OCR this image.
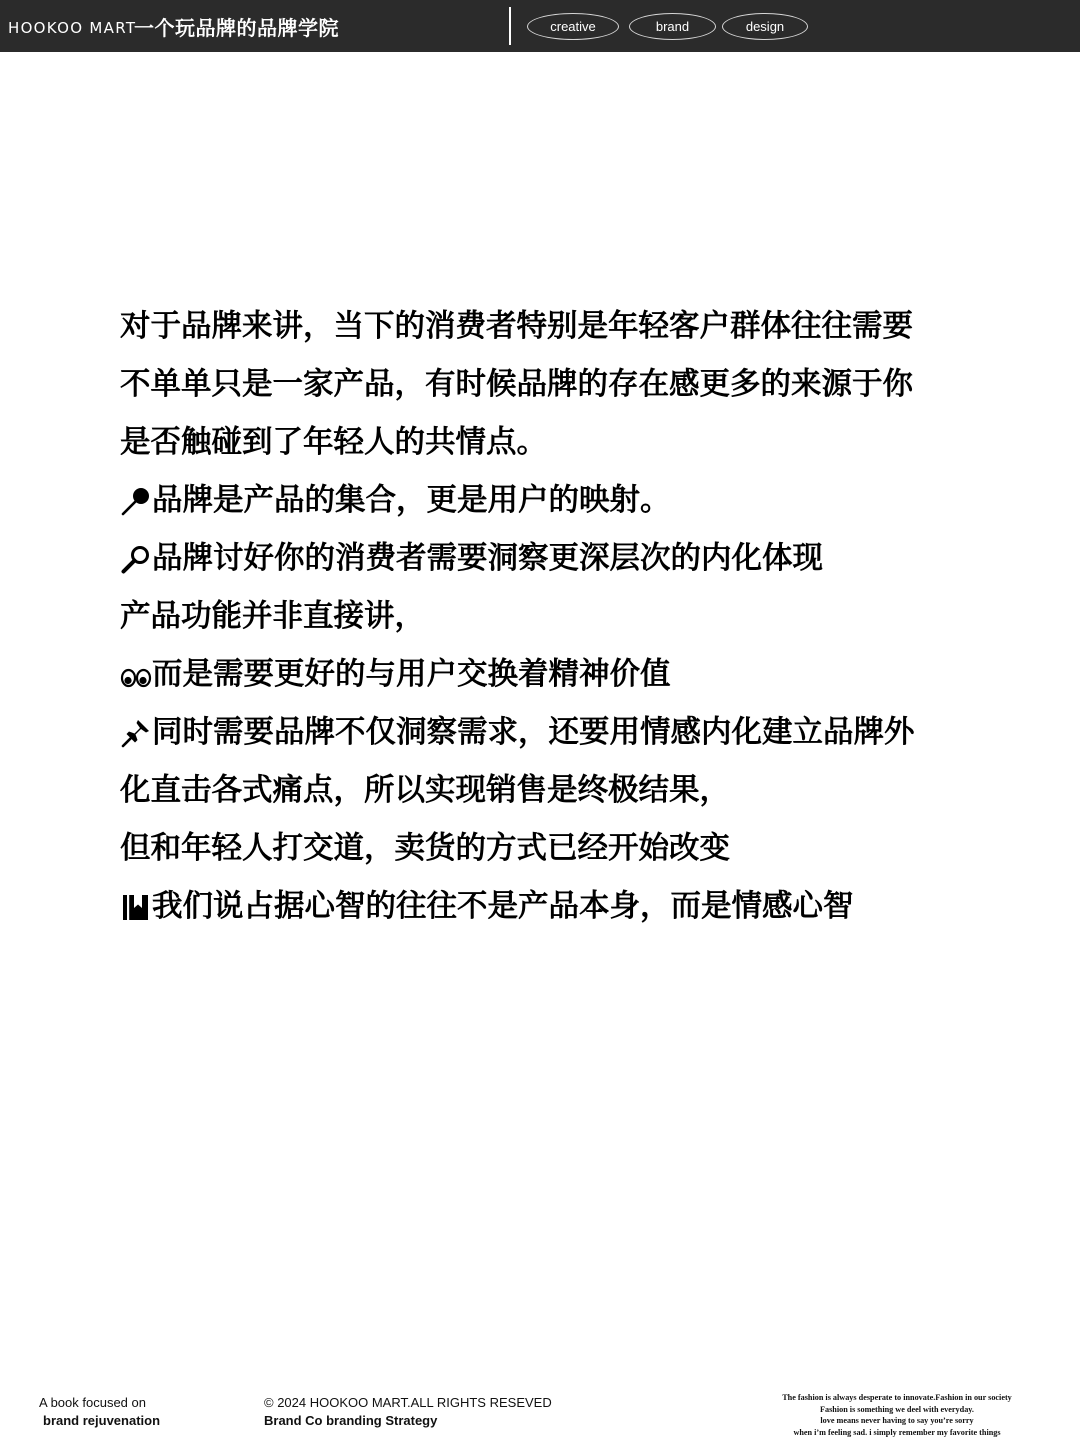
HOOKOO MART
一个玩品牌的品牌学院	creative	brand	design
对于品牌来讲，当下的消费者特别是年轻客户群体往往需要
不单单只是一家产品，有时候品牌的存在感更多的来源于你
是否触碰到了年轻人的共情点。
品牌是产品的集合，更是用户的映射。
品牌讨好你的消费者需要洞察更深层次的内化体现
产品功能并非直接讲，
而是需要更好的与用户交换着精神价值
同时需要品牌不仅洞察需求，还要用情感内化建立品牌外
化直击各式痛点，所以实现销售是终极结果，
但和年轻人打交道，卖货的方式已经开始改变
我们说占据心智的往往不是产品本身，而是情感心智
A book focused on
brand rejuvenation
© 2024 HOOKOO MART.ALL RIGHTS RESEVED
Brand Co branding Strategy
The fashion is always desperate to innovate.Fashion in our society
Fashion is something we deel with everyday.
love means never having to say you’re sorry
when i’m feeling sad. i simply remember my favorite things
